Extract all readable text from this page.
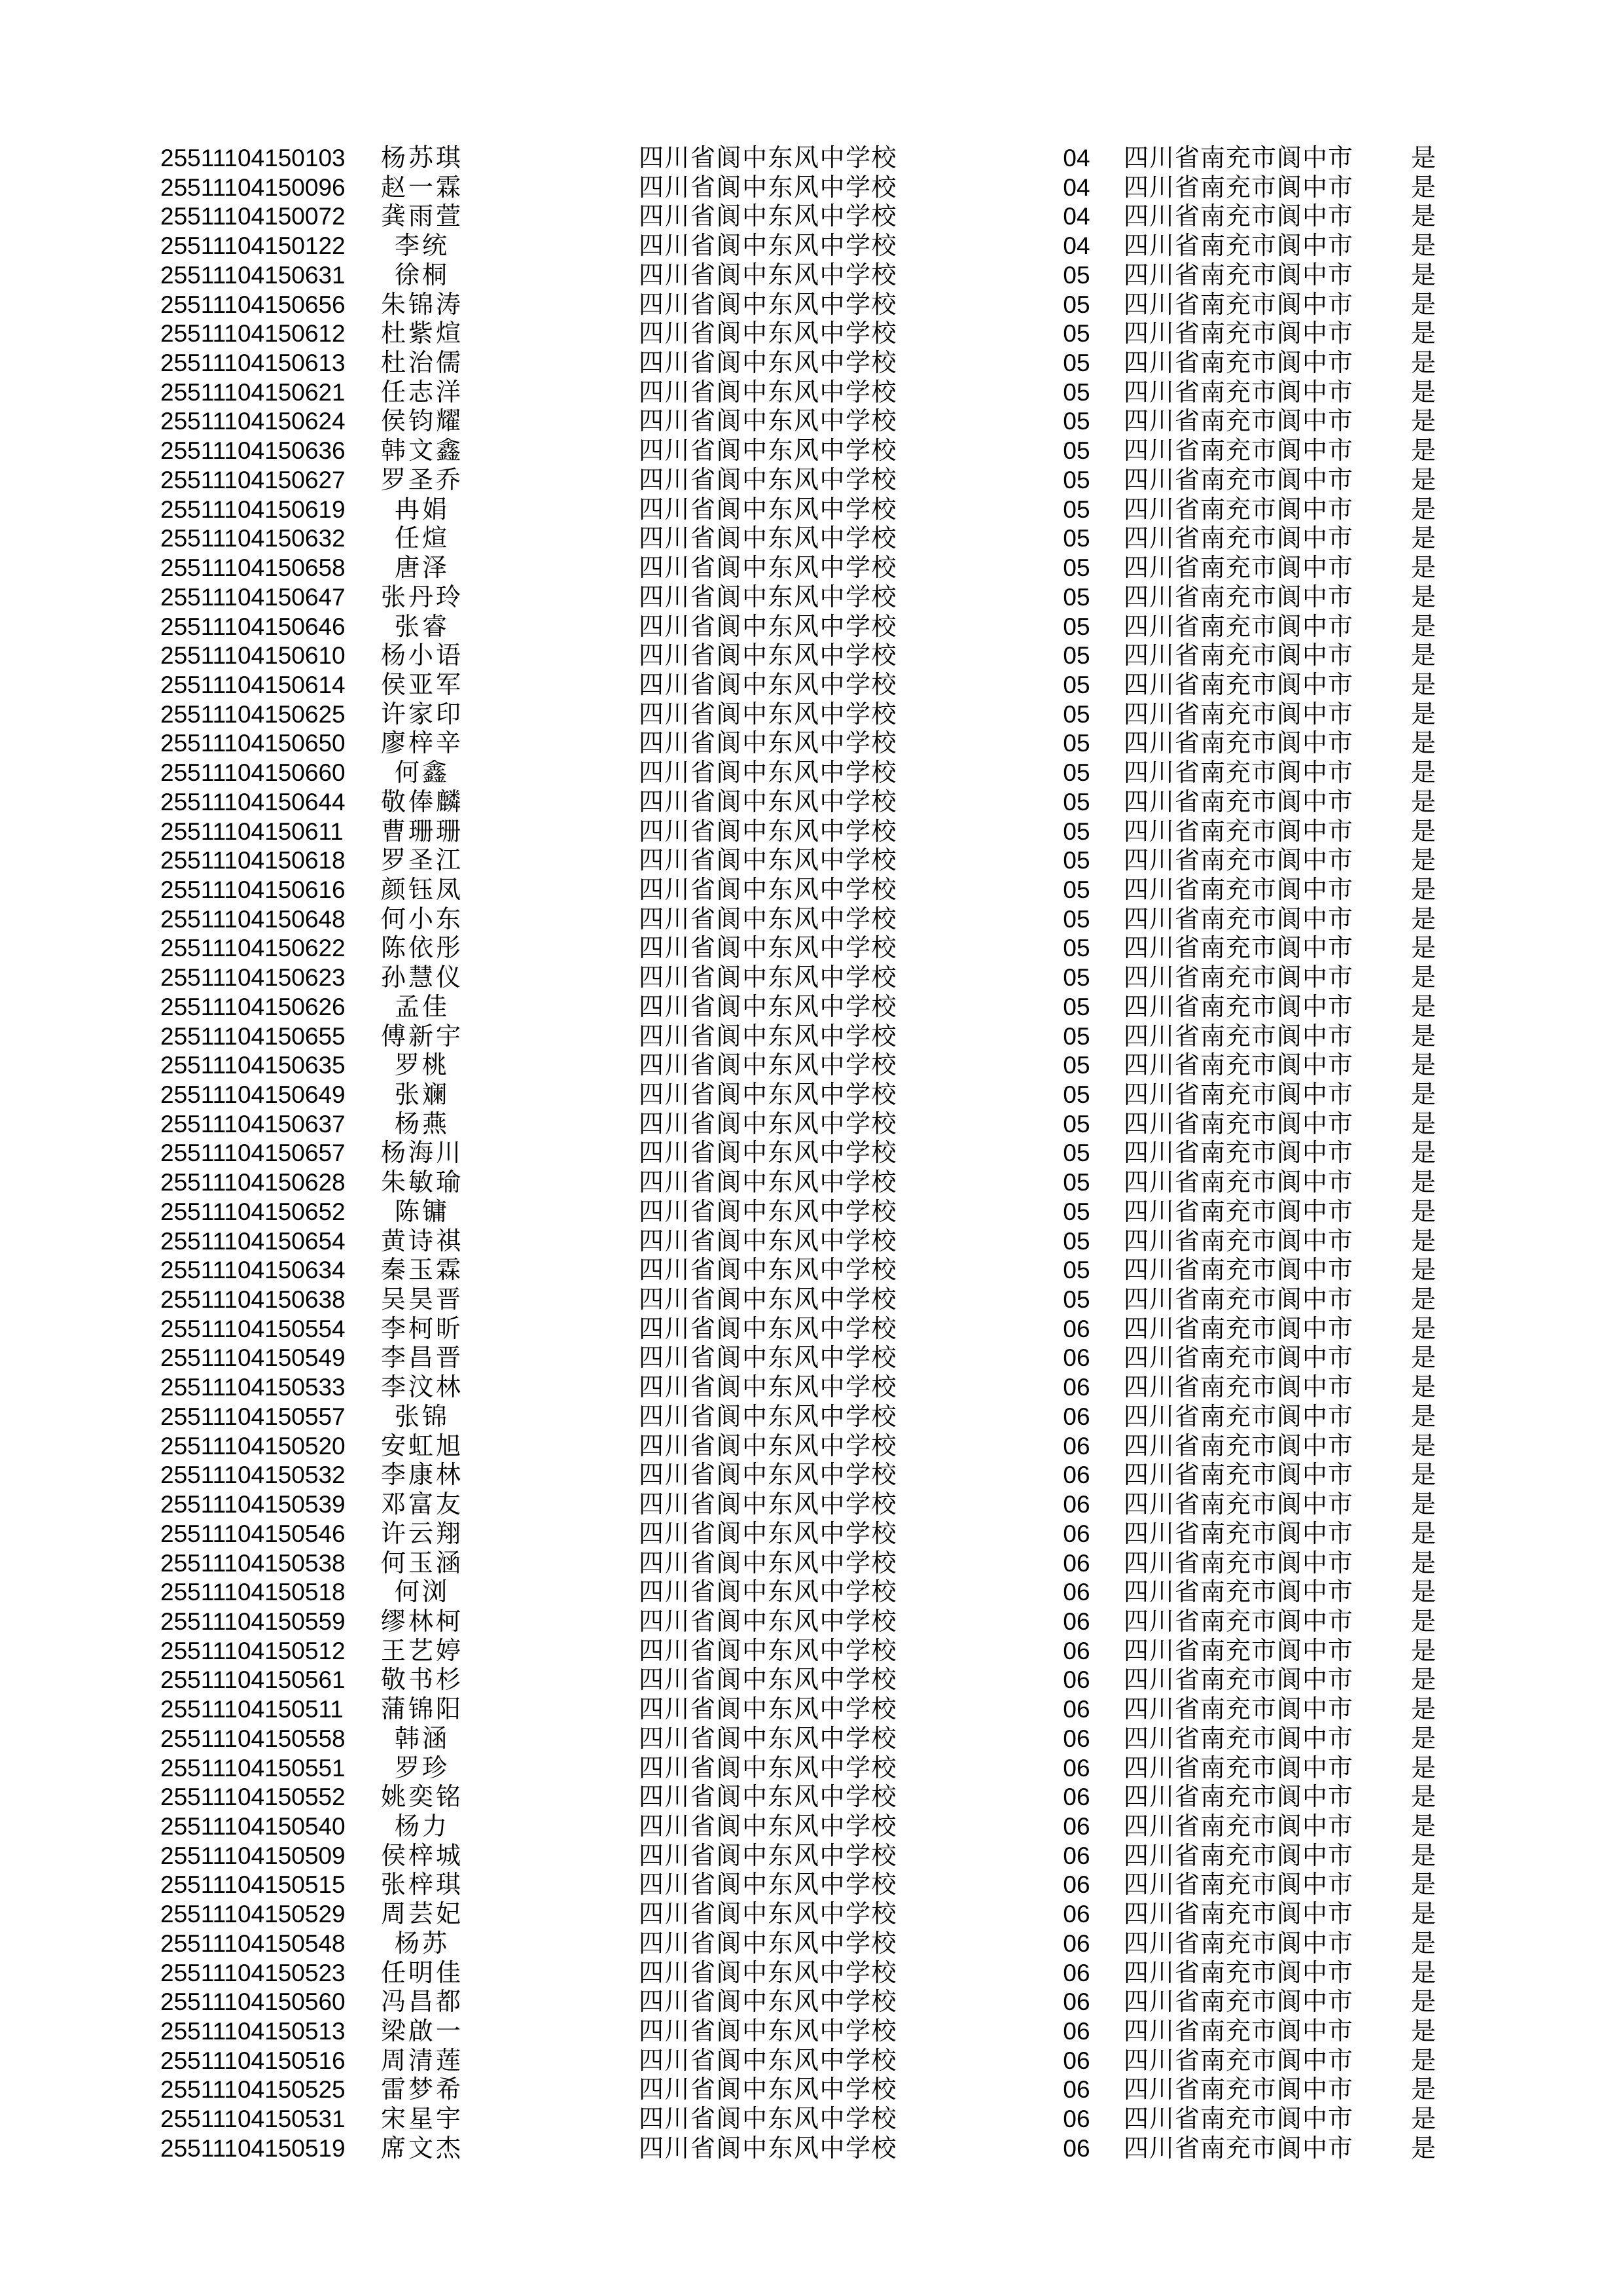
25511104150103	杨苏琪	四川省阆中东风中学校	04	四川省南充市阆中市	是
25511104150096	赵一霖	四川省阆中东风中学校	04	四川省南充市阆中市	是
25511104150072	龚雨萱	四川省阆中东风中学校	04	四川省南充市阆中市	是
25511104150122	李统	四川省阆中东风中学校	04	四川省南充市阆中市	是
25511104150631	徐桐	四川省阆中东风中学校	05	四川省南充市阆中市	是
25511104150656	朱锦涛	四川省阆中东风中学校	05	四川省南充市阆中市	是
25511104150612	杜紫煊	四川省阆中东风中学校	05	四川省南充市阆中市	是
25511104150613	杜治儒	四川省阆中东风中学校	05	四川省南充市阆中市	是
25511104150621	任志洋	四川省阆中东风中学校	05	四川省南充市阆中市	是
25511104150624	侯钧耀	四川省阆中东风中学校	05	四川省南充市阆中市	是
25511104150636	韩文鑫	四川省阆中东风中学校	05	四川省南充市阆中市	是
25511104150627	罗圣乔	四川省阆中东风中学校	05	四川省南充市阆中市	是
25511104150619	冉娟	四川省阆中东风中学校	05	四川省南充市阆中市	是
25511104150632	任煊	四川省阆中东风中学校	05	四川省南充市阆中市	是
25511104150658	唐泽	四川省阆中东风中学校	05	四川省南充市阆中市	是
25511104150647	张丹玲	四川省阆中东风中学校	05	四川省南充市阆中市	是
25511104150646	张睿	四川省阆中东风中学校	05	四川省南充市阆中市	是
25511104150610	杨小语	四川省阆中东风中学校	05	四川省南充市阆中市	是
25511104150614	侯亚军	四川省阆中东风中学校	05	四川省南充市阆中市	是
25511104150625	许家印	四川省阆中东风中学校	05	四川省南充市阆中市	是
25511104150650	廖梓辛	四川省阆中东风中学校	05	四川省南充市阆中市	是
25511104150660	何鑫	四川省阆中东风中学校	05	四川省南充市阆中市	是
25511104150644	敬俸麟	四川省阆中东风中学校	05	四川省南充市阆中市	是
25511104150611	曹珊珊	四川省阆中东风中学校	05	四川省南充市阆中市	是
25511104150618	罗圣江	四川省阆中东风中学校	05	四川省南充市阆中市	是
25511104150616	颜钰凤	四川省阆中东风中学校	05	四川省南充市阆中市	是
25511104150648	何小东	四川省阆中东风中学校	05	四川省南充市阆中市	是
25511104150622	陈依彤	四川省阆中东风中学校	05	四川省南充市阆中市	是
25511104150623	孙慧仪	四川省阆中东风中学校	05	四川省南充市阆中市	是
25511104150626	孟佳	四川省阆中东风中学校	05	四川省南充市阆中市	是
25511104150655	傅新宇	四川省阆中东风中学校	05	四川省南充市阆中市	是
25511104150635	罗桃	四川省阆中东风中学校	05	四川省南充市阆中市	是
25511104150649	张斓	四川省阆中东风中学校	05	四川省南充市阆中市	是
25511104150637	杨燕	四川省阆中东风中学校	05	四川省南充市阆中市	是
25511104150657	杨海川	四川省阆中东风中学校	05	四川省南充市阆中市	是
25511104150628	朱敏瑜	四川省阆中东风中学校	05	四川省南充市阆中市	是
25511104150652	陈镛	四川省阆中东风中学校	05	四川省南充市阆中市	是
25511104150654	黄诗祺	四川省阆中东风中学校	05	四川省南充市阆中市	是
25511104150634	秦玉霖	四川省阆中东风中学校	05	四川省南充市阆中市	是
25511104150638	吴昊晋	四川省阆中东风中学校	05	四川省南充市阆中市	是
25511104150554	李柯昕	四川省阆中东风中学校	06	四川省南充市阆中市	是
25511104150549	李昌晋	四川省阆中东风中学校	06	四川省南充市阆中市	是
25511104150533	李汶林	四川省阆中东风中学校	06	四川省南充市阆中市	是
25511104150557	张锦	四川省阆中东风中学校	06	四川省南充市阆中市	是
25511104150520	安虹旭	四川省阆中东风中学校	06	四川省南充市阆中市	是
25511104150532	李康林	四川省阆中东风中学校	06	四川省南充市阆中市	是
25511104150539	邓富友	四川省阆中东风中学校	06	四川省南充市阆中市	是
25511104150546	许云翔	四川省阆中东风中学校	06	四川省南充市阆中市	是
25511104150538	何玉涵	四川省阆中东风中学校	06	四川省南充市阆中市	是
25511104150518	何浏	四川省阆中东风中学校	06	四川省南充市阆中市	是
25511104150559	缪林柯	四川省阆中东风中学校	06	四川省南充市阆中市	是
25511104150512	王艺婷	四川省阆中东风中学校	06	四川省南充市阆中市	是
25511104150561	敬书杉	四川省阆中东风中学校	06	四川省南充市阆中市	是
25511104150511	蒲锦阳	四川省阆中东风中学校	06	四川省南充市阆中市	是
25511104150558	韩涵	四川省阆中东风中学校	06	四川省南充市阆中市	是
25511104150551	罗珍	四川省阆中东风中学校	06	四川省南充市阆中市	是
25511104150552	姚奕铭	四川省阆中东风中学校	06	四川省南充市阆中市	是
25511104150540	杨力	四川省阆中东风中学校	06	四川省南充市阆中市	是
25511104150509	侯梓城	四川省阆中东风中学校	06	四川省南充市阆中市	是
25511104150515	张梓琪	四川省阆中东风中学校	06	四川省南充市阆中市	是
25511104150529	周芸妃	四川省阆中东风中学校	06	四川省南充市阆中市	是
25511104150548	杨苏	四川省阆中东风中学校	06	四川省南充市阆中市	是
25511104150523	任明佳	四川省阆中东风中学校	06	四川省南充市阆中市	是
25511104150560	冯昌都	四川省阆中东风中学校	06	四川省南充市阆中市	是
25511104150513	梁啟一	四川省阆中东风中学校	06	四川省南充市阆中市	是
25511104150516	周清莲	四川省阆中东风中学校	06	四川省南充市阆中市	是
25511104150525	雷梦希	四川省阆中东风中学校	06	四川省南充市阆中市	是
25511104150531	宋星宇	四川省阆中东风中学校	06	四川省南充市阆中市	是
25511104150519	席文杰	四川省阆中东风中学校	06	四川省南充市阆中市	是
